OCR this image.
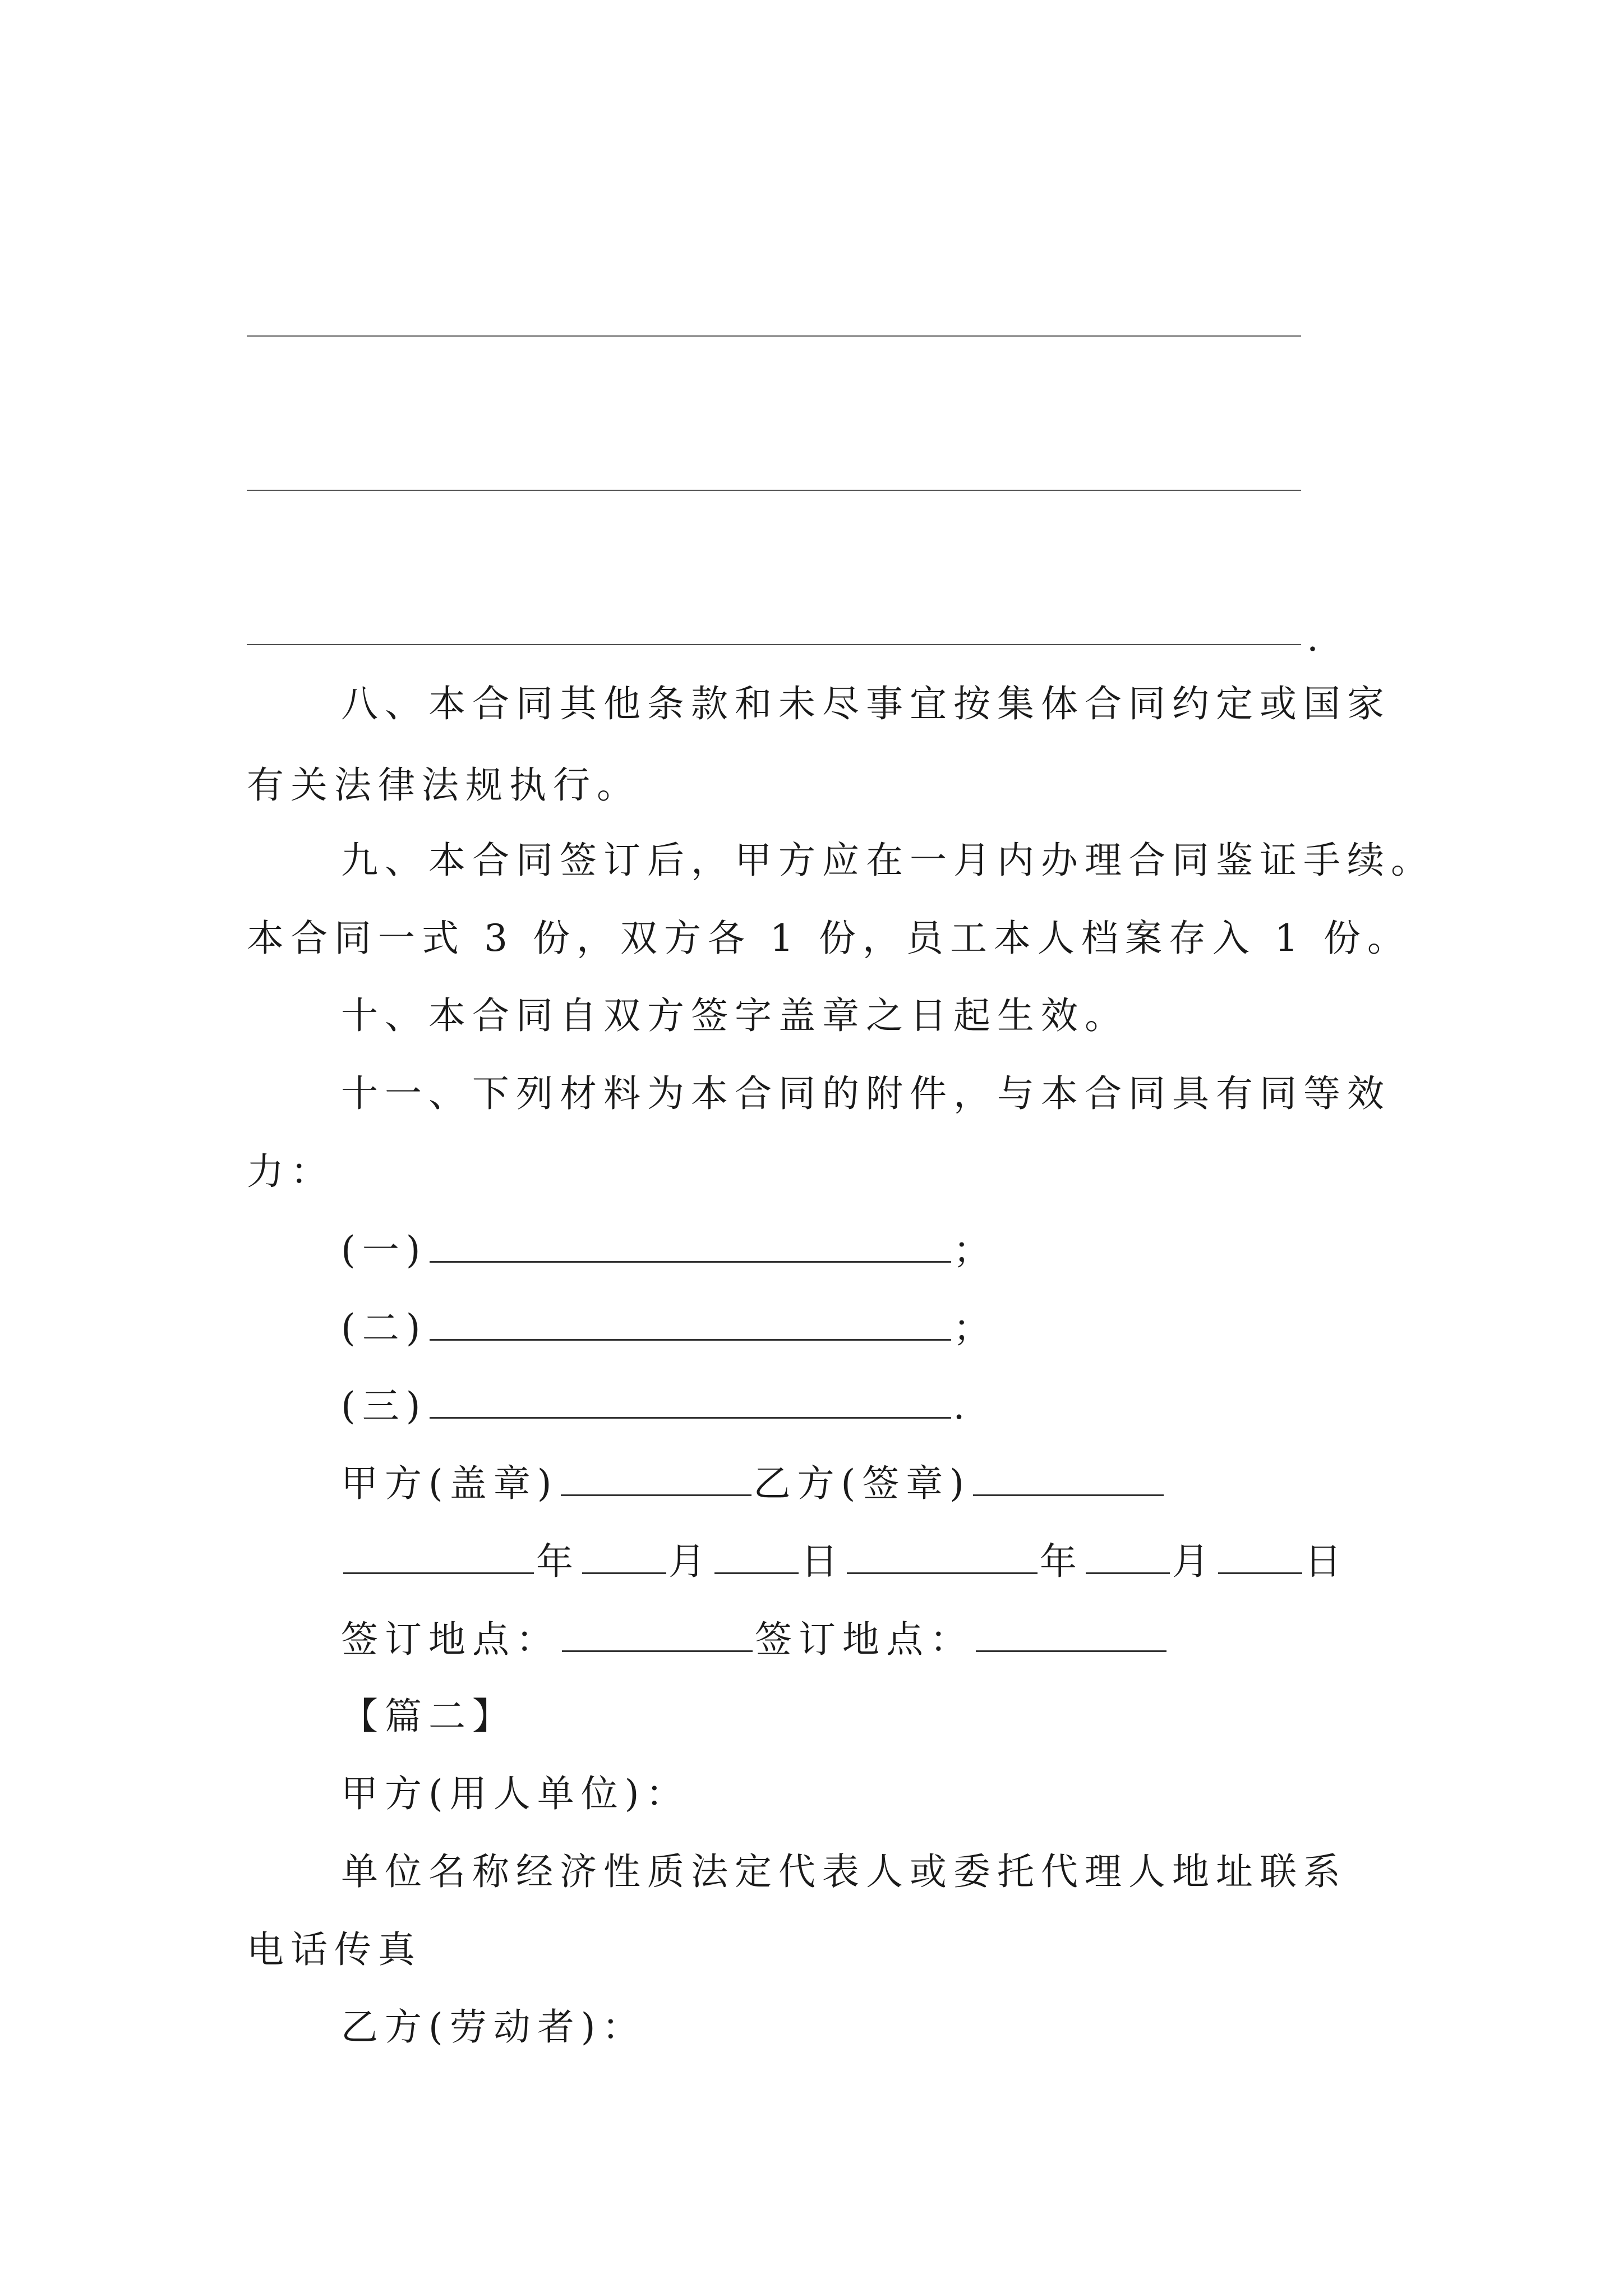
.
八、本合同其他条款和未尽事宜按集体合同约定或国家
有关法律法规执行。
九、本合同签订后，甲方应在一月内办理合同鉴证手续。
本合同一式 3 份，双方各 1 份，员工本人档案存入 1 份。
十、本合同自双方签字盖章之日起生效。
十一、下列材料为本合同的附件，与本合同具有同等效
力：
(一)	；
(二)	；
(三)	.
甲方(盖章)	乙方(签章)
年 月 日	年 月 日
签订地点：	签订地点：
【篇二】
甲方(用人单位)：
单位名称经济性质法定代表人或委托代理人地址联系
电话传真
乙方(劳动者)：
